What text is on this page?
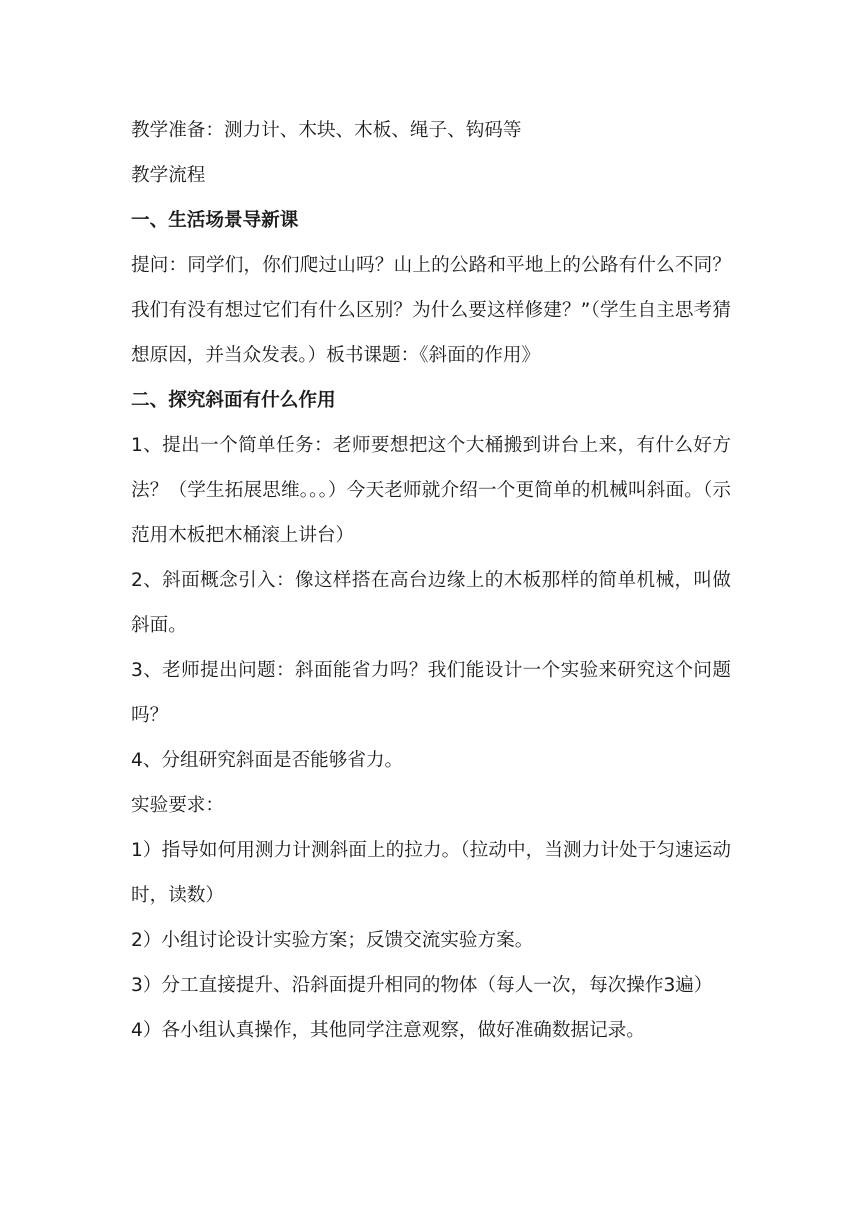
教学准备：测力计、木块、木板、绳子、钩码等

教学流程

一、生活场景导新课

提问：同学们，你们爬过山吗？山上的公路和平地上的公路有什么不同？我们有没有想过它们有什么区别？为什么要这样修建？”（学生自主思考猜想原因，并当众发表。）板书课题：《斜面的作用》

二、探究斜面有什么作用

1、提出一个简单任务：老师要想把这个大桶搬到讲台上来，有什么好方法？（学生拓展思维。。。）今天老师就介绍一个更简单的机械叫斜面。（示范用木板把木桶滚上讲台）

2、斜面概念引入：像这样搭在高台边缘上的木板那样的简单机械，叫做斜面。

3、老师提出问题：斜面能省力吗？我们能设计一个实验来研究这个问题吗？

4、分组研究斜面是否能够省力。

实验要求：

1）指导如何用测力计测斜面上的拉力。（拉动中，当测力计处于匀速运动时，读数）

2）小组讨论设计实验方案；反馈交流实验方案。

3）分工直接提升、沿斜面提升相同的物体（每人一次，每次操作3遍）

4）各小组认真操作，其他同学注意观察，做好准确数据记录。
